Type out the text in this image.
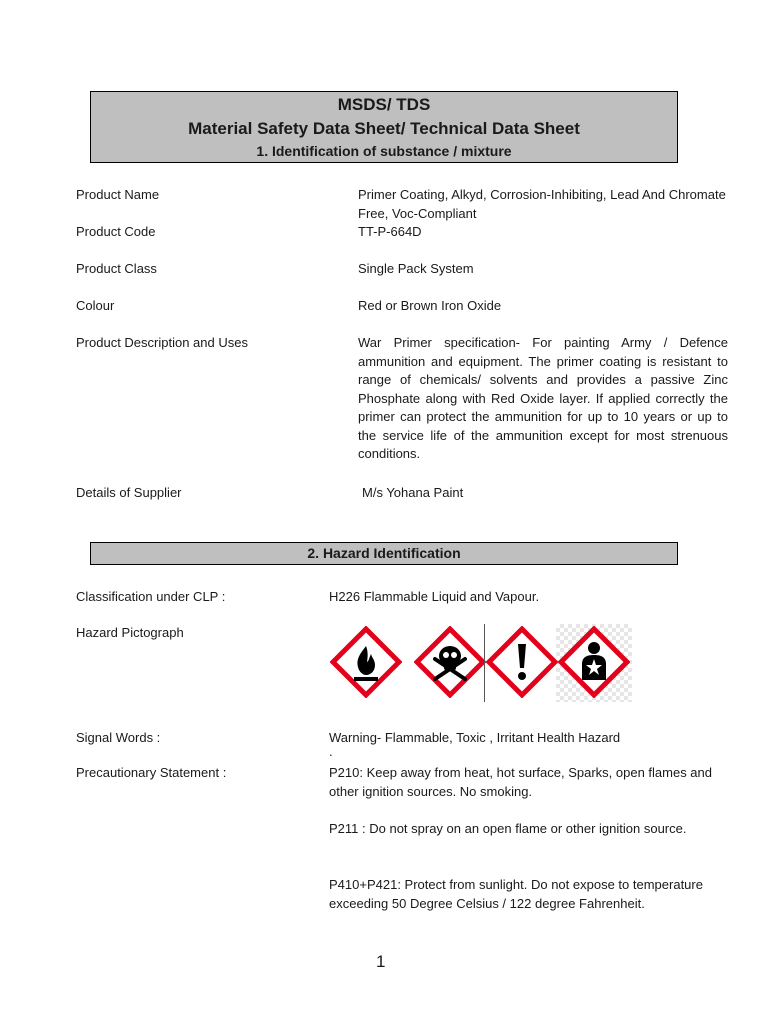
MSDS/ TDS
Material Safety Data Sheet/ Technical Data Sheet
1. Identification of substance / mixture
Product Name	Primer Coating, Alkyd, Corrosion-Inhibiting, Lead And Chromate Free, Voc-Compliant
Product Code	TT-P-664D
Product Class	Single Pack System
Colour	Red or Brown Iron Oxide
Product Description and Uses	War Primer specification- For painting Army / Defence ammunition and equipment. The primer coating is resistant to range of chemicals/ solvents and provides a passive Zinc Phosphate along with Red Oxide layer. If applied correctly the primer can protect the ammunition for up to 10 years or up to the service life of the ammunition except for most strenuous conditions.
Details of Supplier	M/s Yohana Paint
2. Hazard Identification
Classification under CLP :	H226 Flammable Liquid and Vapour.
Hazard Pictograph
Signal Words :	Warning- Flammable, Toxic , Irritant Health Hazard
.
Precautionary Statement :	P210: Keep away from heat, hot surface, Sparks, open flames and other ignition sources. No smoking.
P211 : Do not spray on an open flame or other ignition source.
P410+P421: Protect from sunlight. Do not expose to temperature exceeding 50 Degree Celsius / 122 degree Fahrenheit.
1
